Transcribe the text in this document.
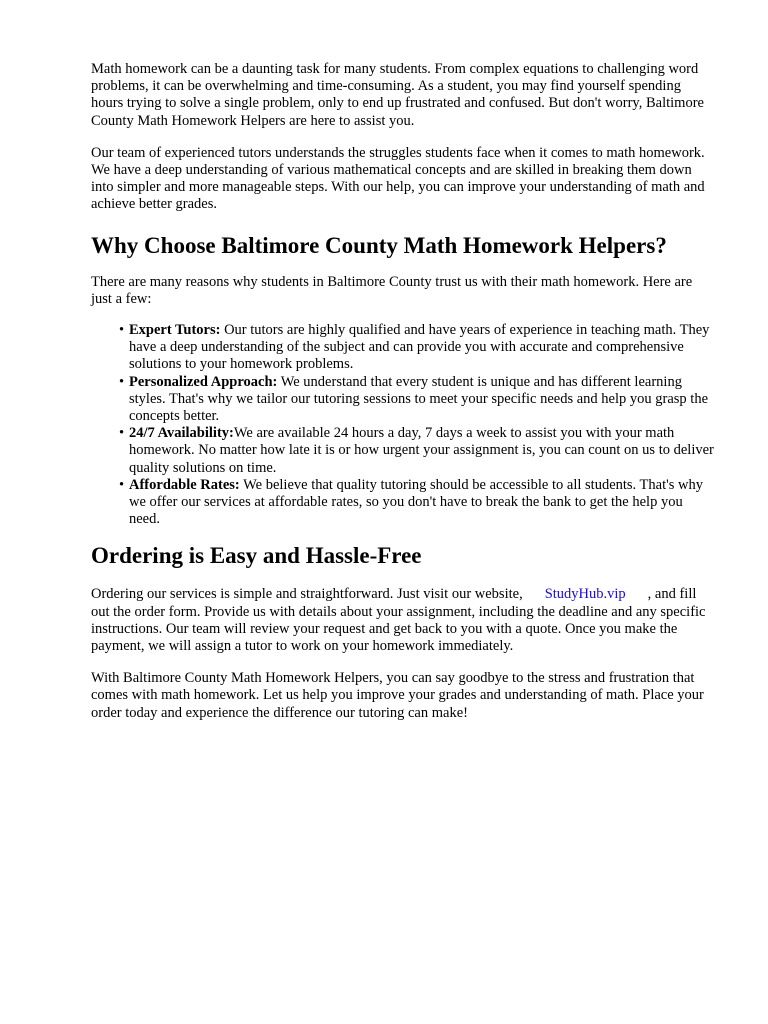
Math homework can be a daunting task for many students. From complex equations to challenging word problems, it can be overwhelming and time-consuming. As a student, you may find yourself spending hours trying to solve a single problem, only to end up frustrated and confused. But don't worry, Baltimore County Math Homework Helpers are here to assist you.

Our team of experienced tutors understands the struggles students face when it comes to math homework. We have a deep understanding of various mathematical concepts and are skilled in breaking them down into simpler and more manageable steps. With our help, you can improve your understanding of math and achieve better grades.

Why Choose Baltimore County Math Homework Helpers?

There are many reasons why students in Baltimore County trust us with their math homework. Here are just a few:

• Expert Tutors: Our tutors are highly qualified and have years of experience in teaching math. They have a deep understanding of the subject and can provide you with accurate and comprehensive solutions to your homework problems.
• Personalized Approach: We understand that every student is unique and has different learning styles. That's why we tailor our tutoring sessions to meet your specific needs and help you grasp the concepts better.
• 24/7 Availability:We are available 24 hours a day, 7 days a week to assist you with your math homework. No matter how late it is or how urgent your assignment is, you can count on us to deliver quality solutions on time.
• Affordable Rates: We believe that quality tutoring should be accessible to all students. That's why we offer our services at affordable rates, so you don't have to break the bank to get the help you need.
Ordering is Easy and Hassle-Free

Ordering our services is simple and straightforward. Just visit our website, StudyHub.vip , and fill out the order form. Provide us with details about your assignment, including the deadline and any specific instructions. Our team will review your request and get back to you with a quote. Once you make the payment, we will assign a tutor to work on your homework immediately.

With Baltimore County Math Homework Helpers, you can say goodbye to the stress and frustration that comes with math homework. Let us help you improve your grades and understanding of math. Place your order today and experience the difference our tutoring can make!
